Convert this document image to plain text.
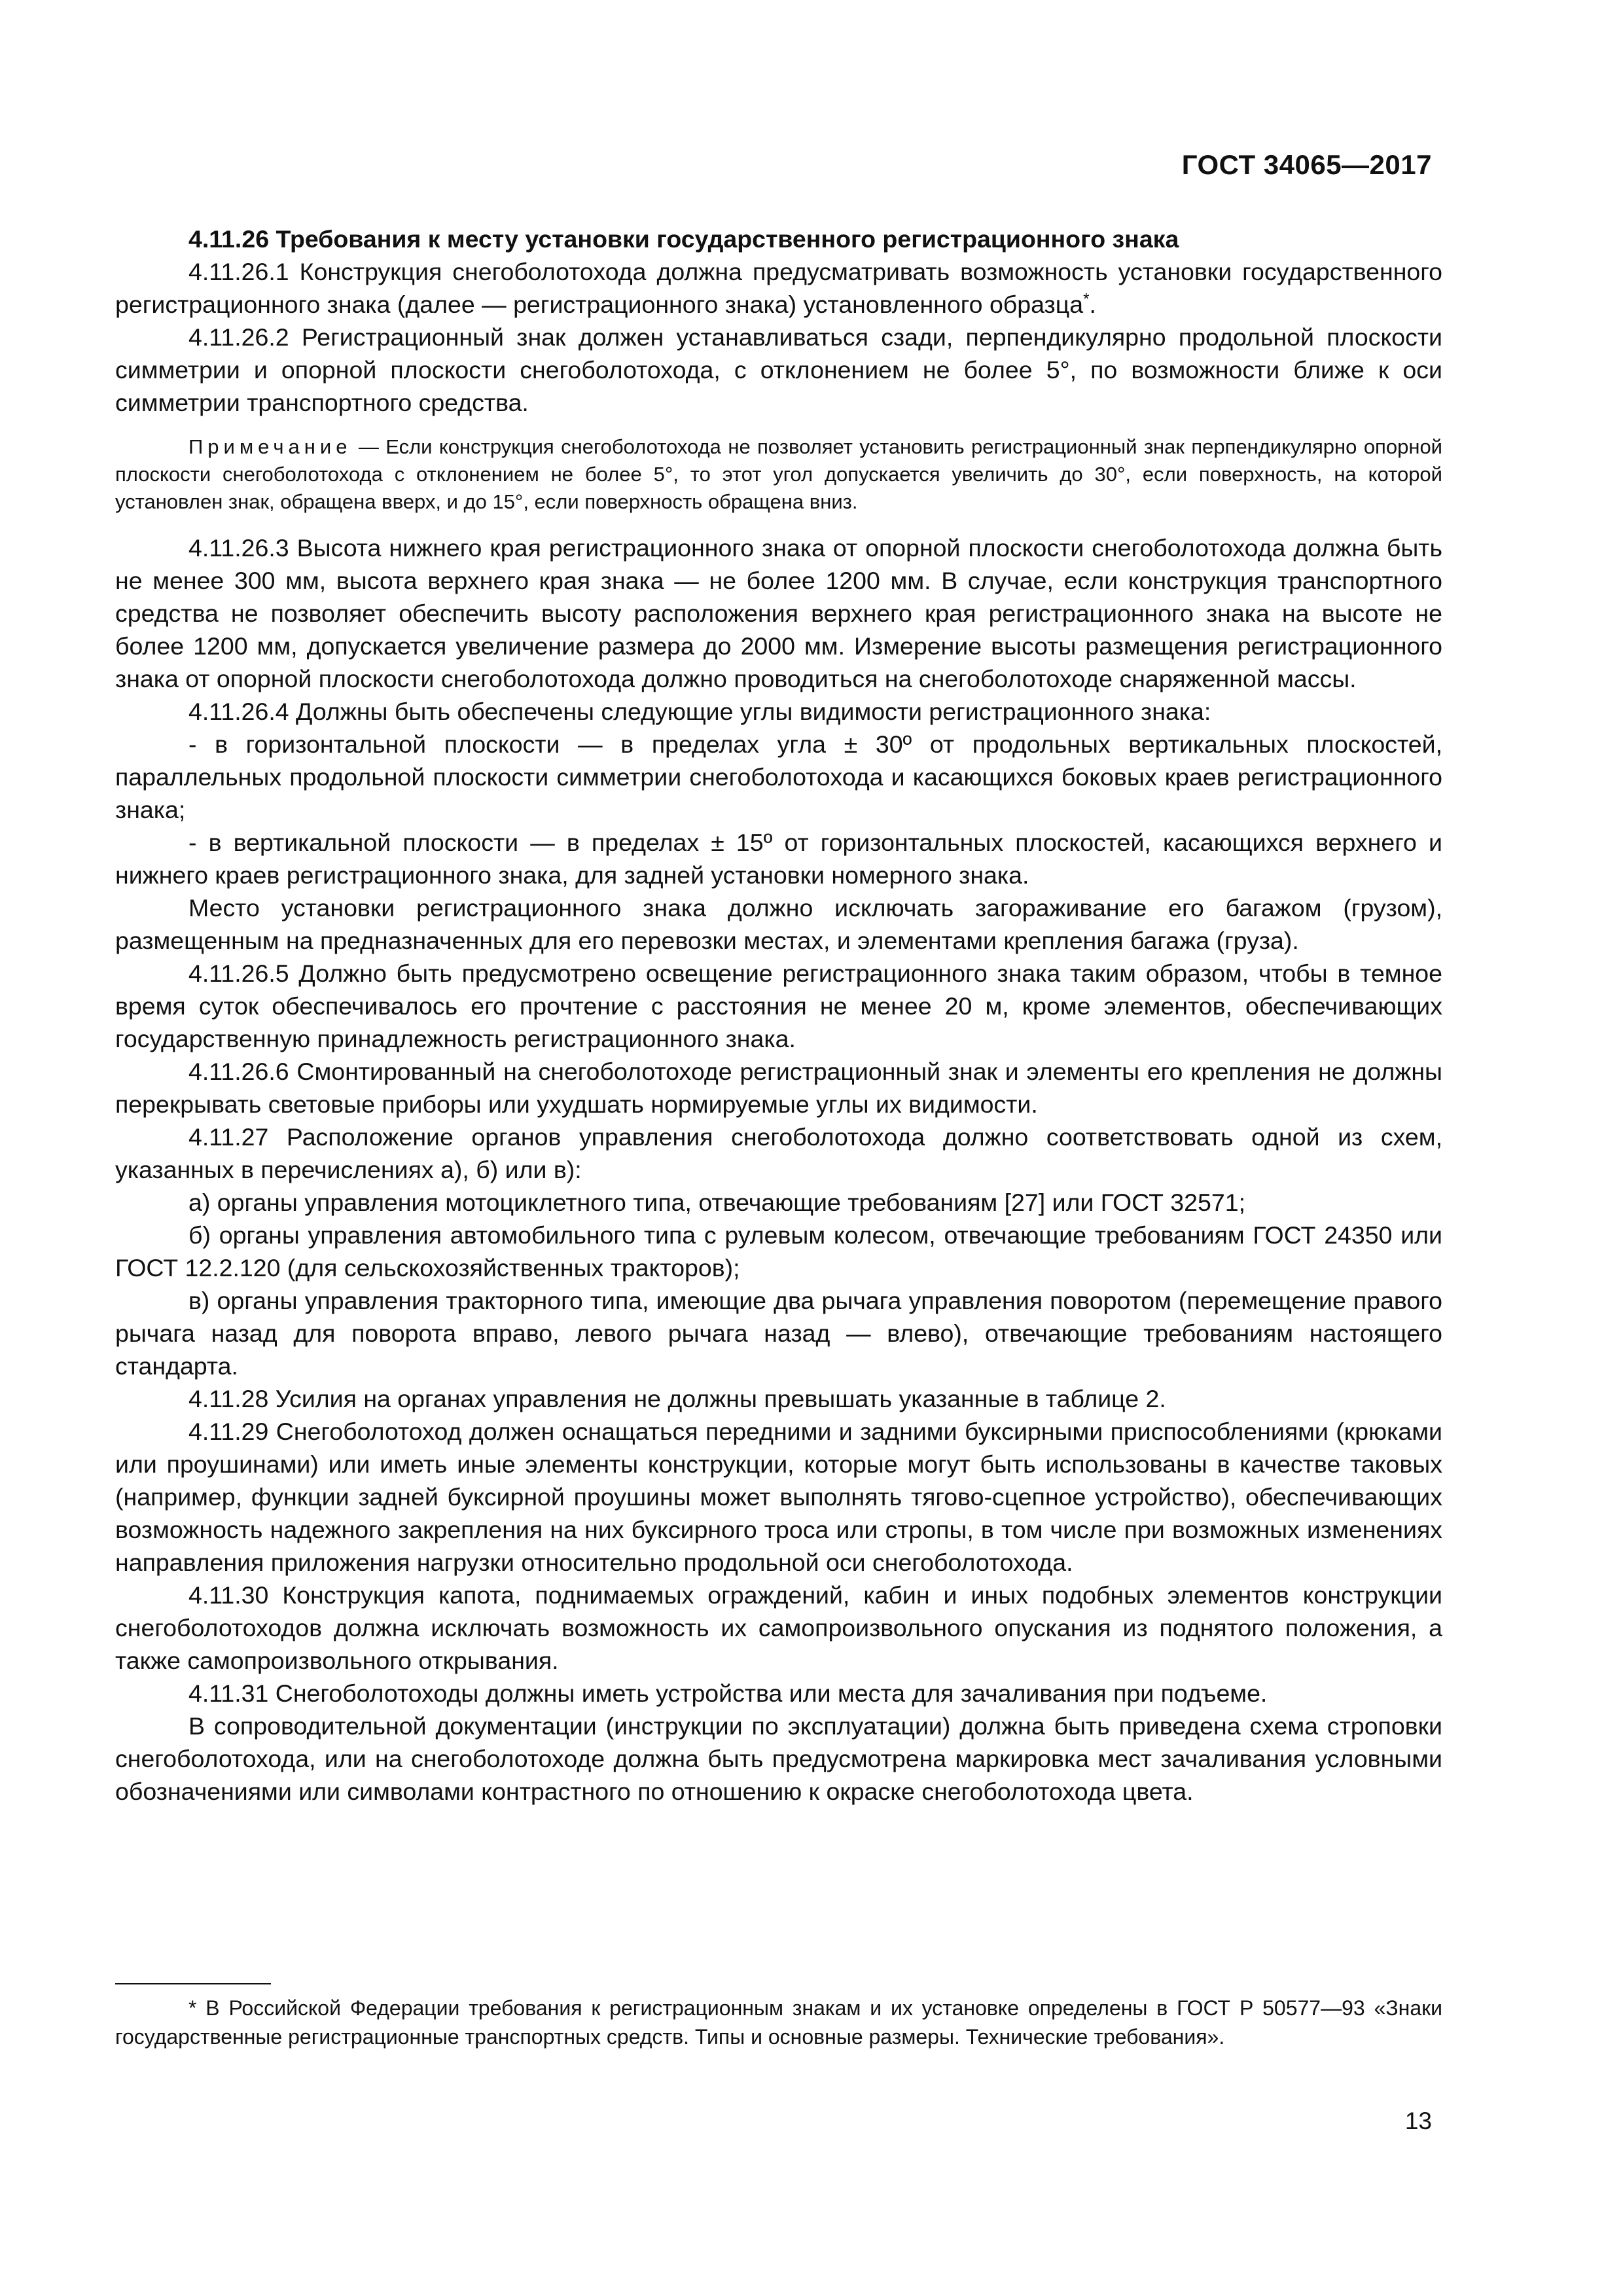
ГОСТ 34065—2017

4.11.26 Требования к месту установки государственного регистрационного знака

4.11.26.1 Конструкция снегоболотохода должна предусматривать возможность установки государственного регистрационного знака (далее — регистрационного знака) установленного образца*.

4.11.26.2 Регистрационный знак должен устанавливаться сзади, перпендикулярно продольной плоскости симметрии и опорной плоскости снегоболотохода, с отклонением не более 5°, по возможности ближе к оси симметрии транспортного средства.

Примечание — Если конструкция снегоболотохода не позволяет установить регистрационный знак перпендикулярно опорной плоскости снегоболотохода с отклонением не более 5°, то этот угол допускается увеличить до 30°, если поверхность, на которой установлен знак, обращена вверх, и до 15°, если поверхность обращена вниз.

4.11.26.3 Высота нижнего края регистрационного знака от опорной плоскости снегоболотохода должна быть не менее 300 мм, высота верхнего края знака — не более 1200 мм. В случае, если конструкция транспортного средства не позволяет обеспечить высоту расположения верхнего края регистрационного знака на высоте не более 1200 мм, допускается увеличение размера до 2000 мм. Измерение высоты размещения регистрационного знака от опорной плоскости снегоболотохода должно проводиться на снегоболотоходе снаряженной массы.

4.11.26.4 Должны быть обеспечены следующие углы видимости регистрационного знака:

- в горизонтальной плоскости — в пределах угла ± 30º от продольных вертикальных плоскостей, параллельных продольной плоскости симметрии снегоболотохода и касающихся боковых краев регистрационного знака;

- в вертикальной плоскости — в пределах ± 15º от горизонтальных плоскостей, касающихся верхнего и нижнего краев регистрационного знака, для задней установки номерного знака.

Место установки регистрационного знака должно исключать загораживание его багажом (грузом), размещенным на предназначенных для его перевозки местах, и элементами крепления багажа (груза).

4.11.26.5 Должно быть предусмотрено освещение регистрационного знака таким образом, чтобы в темное время суток обеспечивалось его прочтение с расстояния не менее 20 м, кроме элементов, обеспечивающих государственную принадлежность регистрационного знака.

4.11.26.6 Смонтированный на снегоболотоходе регистрационный знак и элементы его крепления не должны перекрывать световые приборы или ухудшать нормируемые углы их видимости.

4.11.27 Расположение органов управления снегоболотохода должно соответствовать одной из схем, указанных в перечислениях а), б) или в):

а) органы управления мотоциклетного типа, отвечающие требованиям [27] или ГОСТ 32571;

б) органы управления автомобильного типа с рулевым колесом, отвечающие требованиям ГОСТ 24350 или ГОСТ 12.2.120 (для сельскохозяйственных тракторов);

в) органы управления тракторного типа, имеющие два рычага управления поворотом (перемещение правого рычага назад для поворота вправо, левого рычага назад — влево), отвечающие требованиям настоящего стандарта.

4.11.28 Усилия на органах управления не должны превышать указанные в таблице 2.

4.11.29 Снегоболотоход должен оснащаться передними и задними буксирными приспособлениями (крюками или проушинами) или иметь иные элементы конструкции, которые могут быть использованы в качестве таковых (например, функции задней буксирной проушины может выполнять тягово-сцепное устройство), обеспечивающих возможность надежного закрепления на них буксирного троса или стропы, в том числе при возможных изменениях направления приложения нагрузки относительно продольной оси снегоболотохода.

4.11.30 Конструкция капота, поднимаемых ограждений, кабин и иных подобных элементов конструкции снегоболотоходов должна исключать возможность их самопроизвольного опускания из поднятого положения, а также самопроизвольного открывания.

4.11.31 Снегоболотоходы должны иметь устройства или места для зачаливания при подъеме.

В сопроводительной документации (инструкции по эксплуатации) должна быть приведена схема строповки снегоболотохода, или на снегоболотоходе должна быть предусмотрена маркировка мест зачаливания условными обозначениями или символами контрастного по отношению к окраске снегоболотохода цвета.

* В Российской Федерации требования к регистрационным знакам и их установке определены в ГОСТ Р 50577—93 «Знаки государственные регистрационные транспортных средств. Типы и основные размеры. Технические требования».

13
